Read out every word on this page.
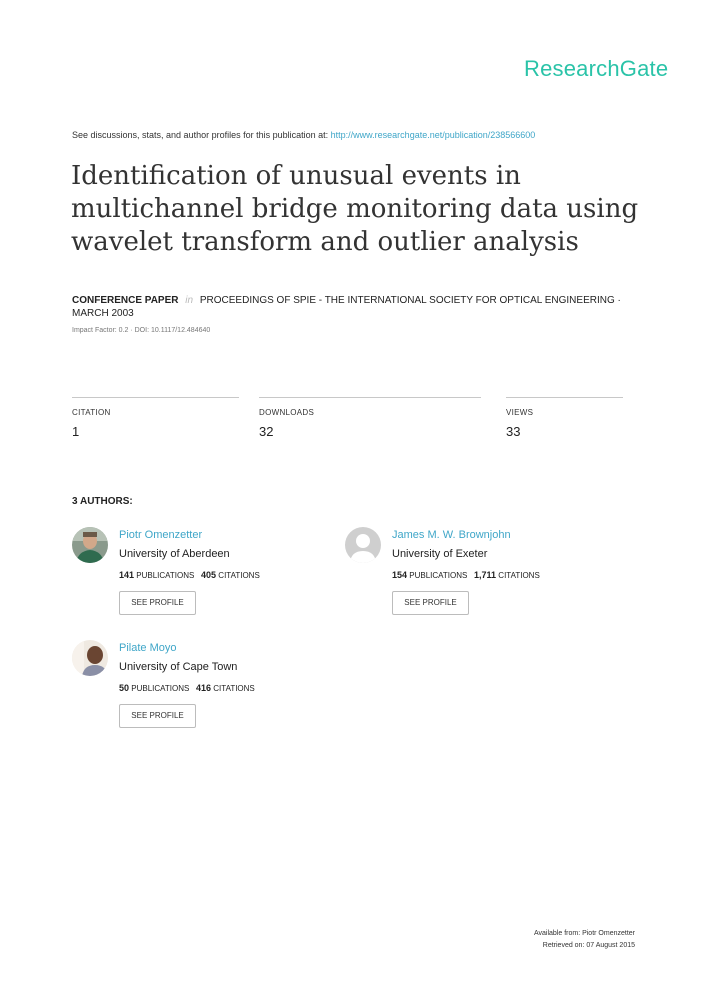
ResearchGate
See discussions, stats, and author profiles for this publication at: http://www.researchgate.net/publication/238566600
Identification of unusual events in
multichannel bridge monitoring data using
wavelet transform and outlier analysis
CONFERENCE PAPER in PROCEEDINGS OF SPIE - THE INTERNATIONAL SOCIETY FOR OPTICAL ENGINEERING ·
MARCH 2003
Impact Factor: 0.2 · DOI: 10.1117/12.484640
CITATION
1
DOWNLOADS
32
VIEWS
33
3 AUTHORS:
Piotr Omenzetter
University of Aberdeen
141 PUBLICATIONS 405 CITATIONS
SEE PROFILE
James M. W. Brownjohn
University of Exeter
154 PUBLICATIONS 1,711 CITATIONS
SEE PROFILE
Pilate Moyo
University of Cape Town
50 PUBLICATIONS 416 CITATIONS
SEE PROFILE
Available from: Piotr Omenzetter
Retrieved on: 07 August 2015
